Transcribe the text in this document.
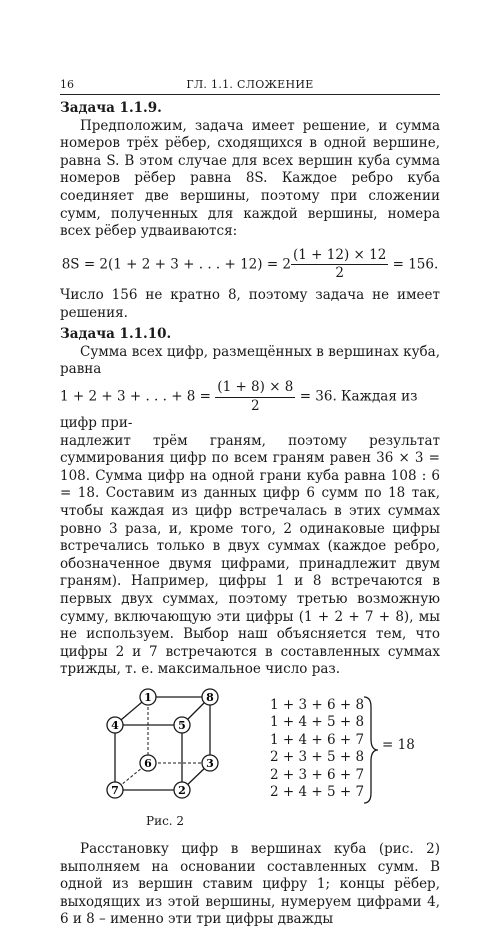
16	ГЛ. 1.1. СЛОЖЕНИЕ

Задача 1.1.9.

Предположим, задача имеет решение, и сумма номеров трёх рёбер, сходящихся в одной вершине, равна S. В этом случае для всех вершин куба сумма номеров рёбер равна 8S. Каждое ребро куба соединяет две вершины, поэтому при сложении сумм, полученных для каждой вершины, номера всех рёбер удваиваются:

8S = 2(1 + 2 + 3 + . . . + $12) = 2 \frac{(1 + 12) \times 12}{2} = 156$.

Число 156 не кратно 8, поэтому задача не имеет решения.

Задача 1.1.10.

Сумма всех цифр, размещённых в вершинах куба, равна

1 + 2 + 3 + . . . + $8 = \frac{(1 + 8) \times 8}{2} = 36$. Каждая из цифр при-

надлежит трём граням, поэтому результат суммирования цифр по всем граням равен 36 × 3 = 108. Сумма цифр на одной грани куба равна 108 : 6 = 18. Составим из данных цифр 6 сумм по 18 так, чтобы каждая из цифр встречалась в этих суммах ровно 3 раза, и, кроме того, 2 одинаковые цифры встречались только в двух суммах (каждое ребро, обозначенное двумя цифрами, принадлежит двум граням). Например, цифры 1 и 8 встречаются в первых двух суммах, поэтому третью возможную сумму, включающую эти цифры (1 + 2 + 7 + 8), мы не используем. Выбор наш объясняется тем, что цифры 2 и 7 встречаются в составленных суммах трижды, т. е. максимальное число раз.

1	8
4	5
6	3
7	2
1 + 3 + 6 + 8
1 + 4 + 5 + 8
1 + 4 + 6 + 7
2 + 3 + 5 + 8
2 + 3 + 6 + 7
2 + 4 + 5 + 7
= 18
Рис. 2

Расстановку цифр в вершинах куба (рис. 2) выполняем на основании составленных сумм. В одной из вершин ставим цифру 1; концы рёбер, выходящих из этой вершины, нумеруем цифрами 4, 6 и 8 – именно эти три цифры дважды
